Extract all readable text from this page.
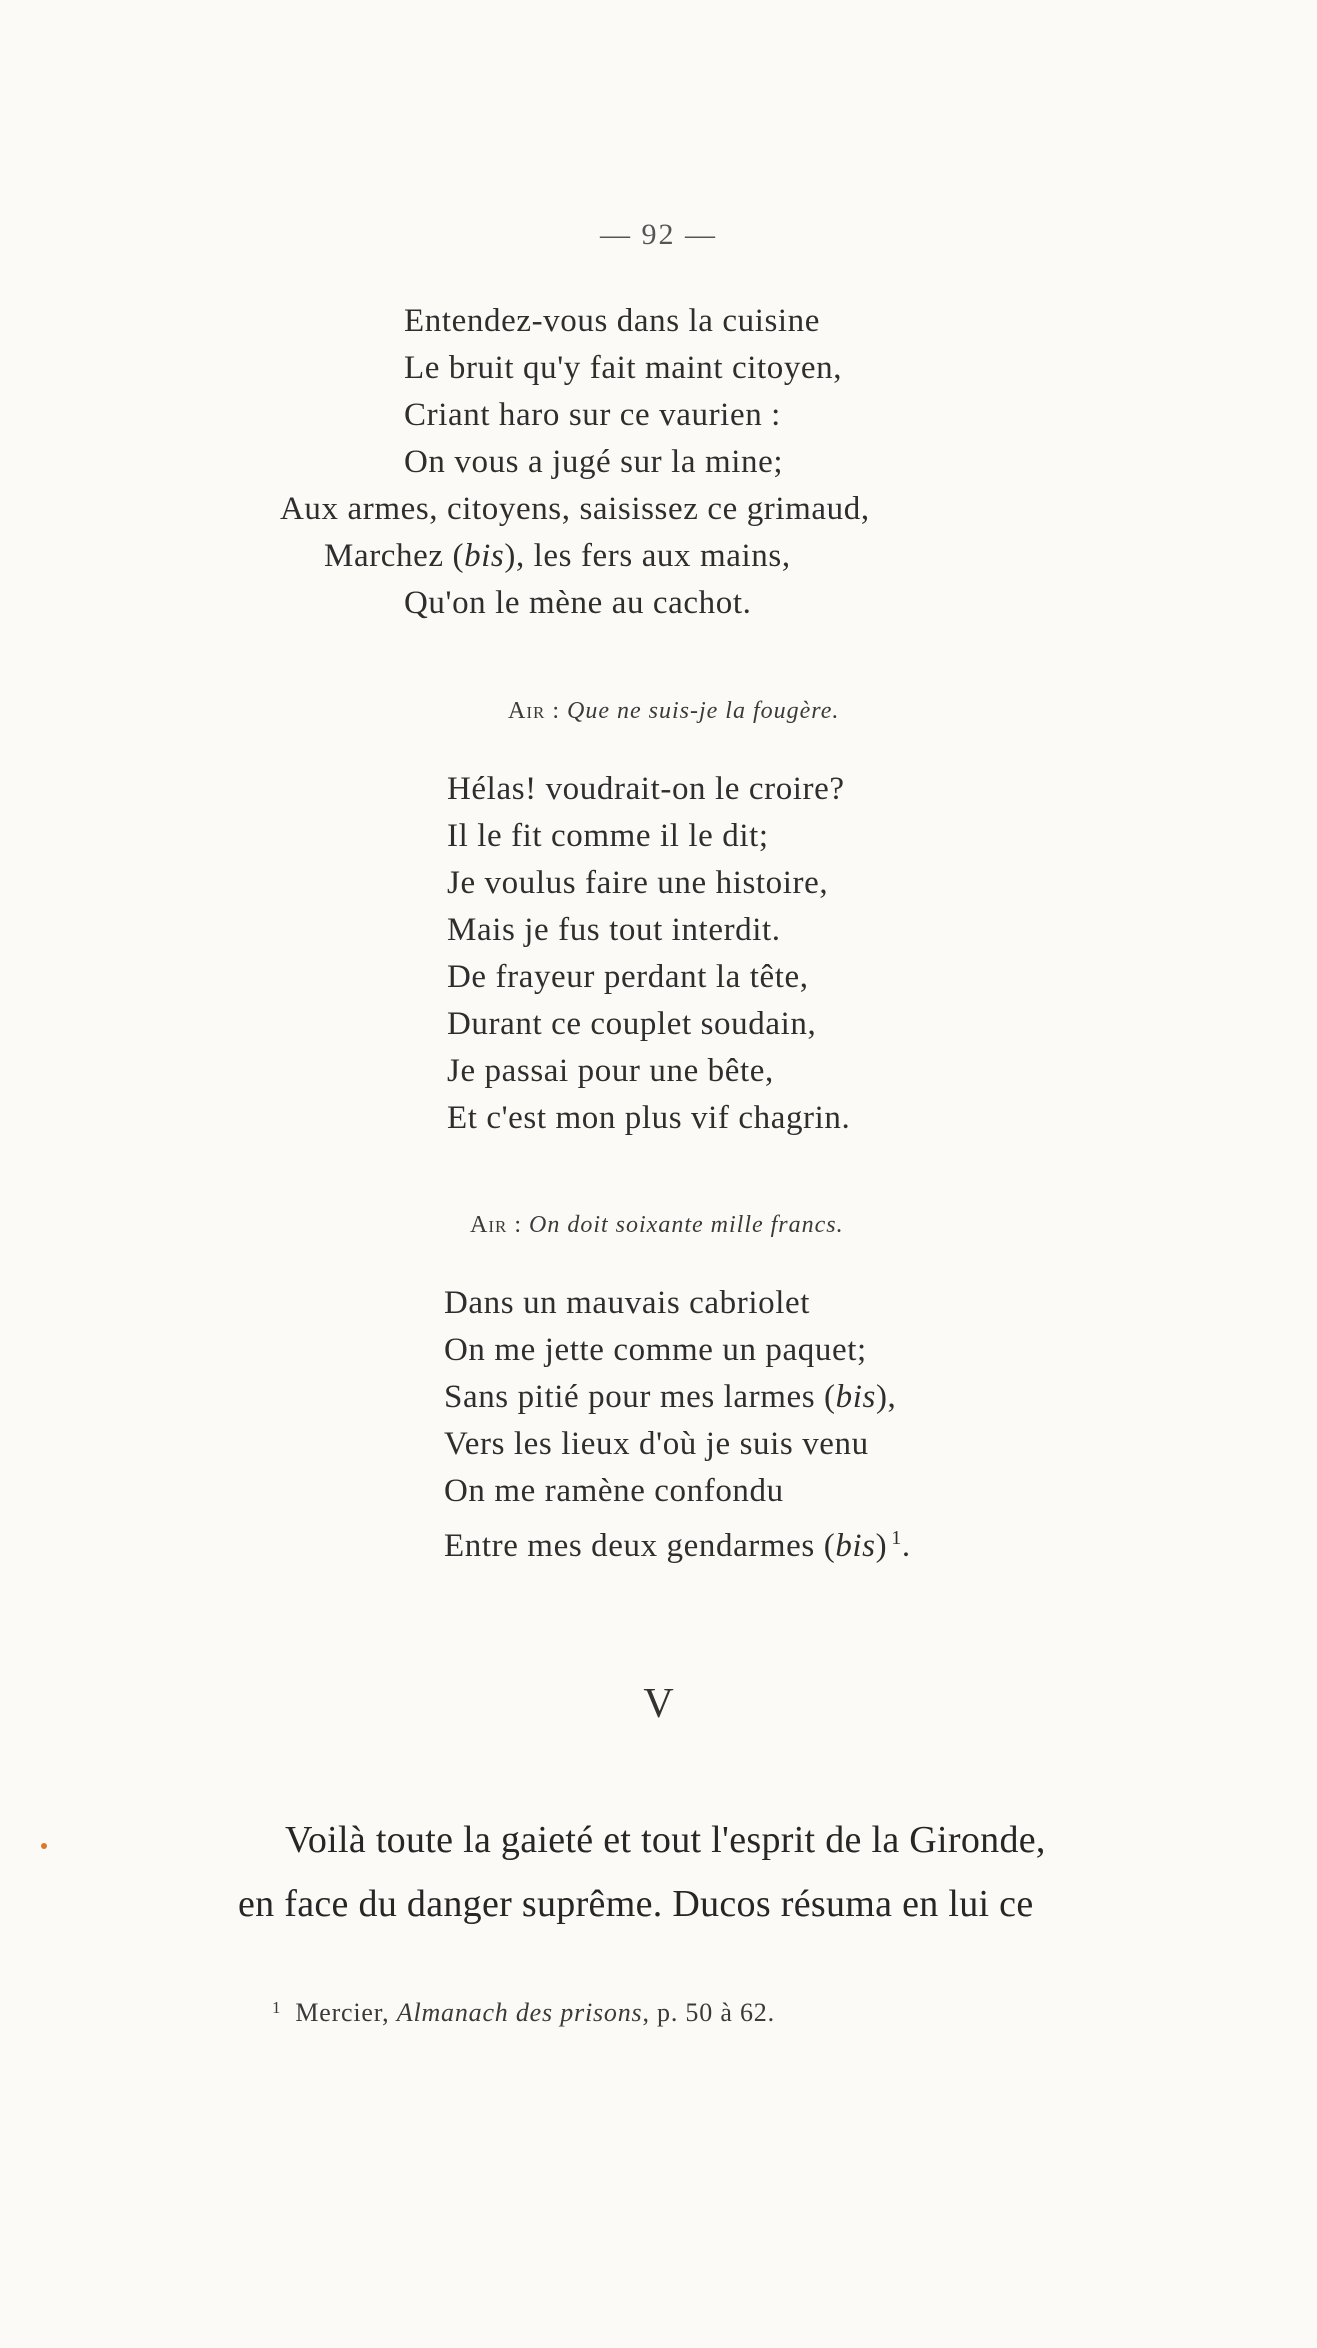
— 92 —
Entendez-vous dans la cuisine
Le bruit qu'y fait maint citoyen,
Criant haro sur ce vaurien :
On vous a jugé sur la mine;
Aux armes, citoyens, saisissez ce grimaud,
Marchez (bis), les fers aux mains,
Qu'on le mène au cachot.
Air : Que ne suis-je la fougère.
Hélas! voudrait-on le croire?
Il le fit comme il le dit;
Je voulus faire une histoire,
Mais je fus tout interdit.
De frayeur perdant la tête,
Durant ce couplet soudain,
Je passai pour une bête,
Et c'est mon plus vif chagrin.
Air : On doit soixante mille francs.
Dans un mauvais cabriolet
On me jette comme un paquet;
Sans pitié pour mes larmes (bis),
Vers les lieux d'où je suis venu
On me ramène confondu
Entre mes deux gendarmes (bis) $^1$.
V
Voilà toute la gaieté et tout l'esprit de la Gironde,
en face du danger suprême. Ducos résuma en lui ce
$^1$ Mercier, Almanach des prisons, p. 50 à 62.
